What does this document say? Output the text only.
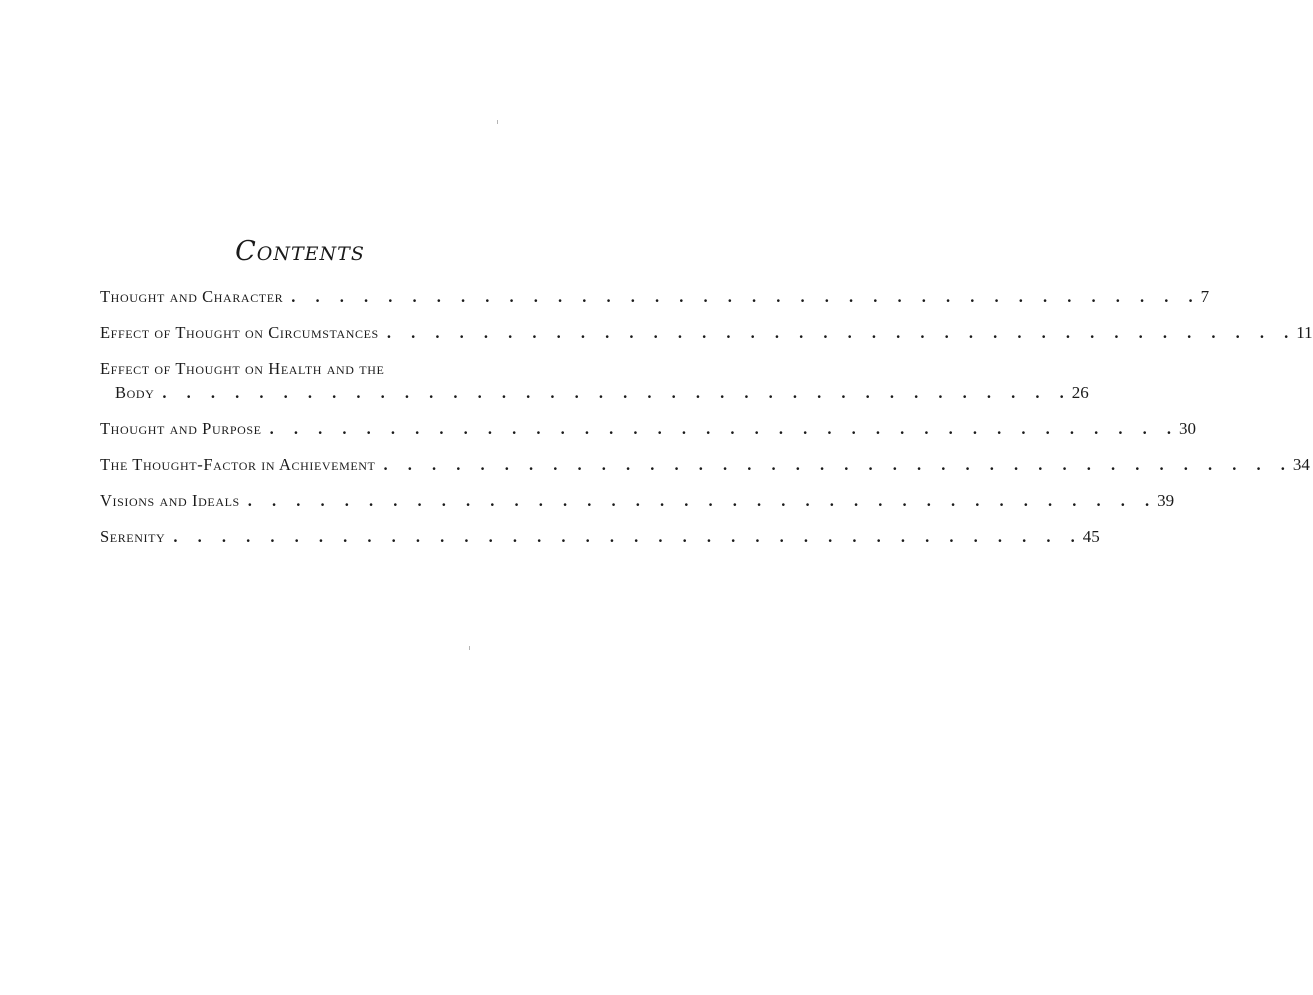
Contents
Thought and Character . . . . . . . . . . . . . . . . . . . . . . . . . . . . . . . . . . . . . . 7
Effect of Thought on Circumstances . . . . . . . . . . . . . . . . . . . . . . . . . . . . . . . . . . . . . . 11
Effect of Thought on Health and the
Body . . . . . . . . . . . . . . . . . . . . . . . . . . . . . . . . . . . . . . 26
Thought and Purpose . . . . . . . . . . . . . . . . . . . . . . . . . . . . . . . . . . . . . . 30
The Thought-Factor in Achievement . . . . . . . . . . . . . . . . . . . . . . . . . . . . . . . . . . . . . . 34
Visions and Ideals . . . . . . . . . . . . . . . . . . . . . . . . . . . . . . . . . . . . . . 39
Serenity . . . . . . . . . . . . . . . . . . . . . . . . . . . . . . . . . . . . . . 45
